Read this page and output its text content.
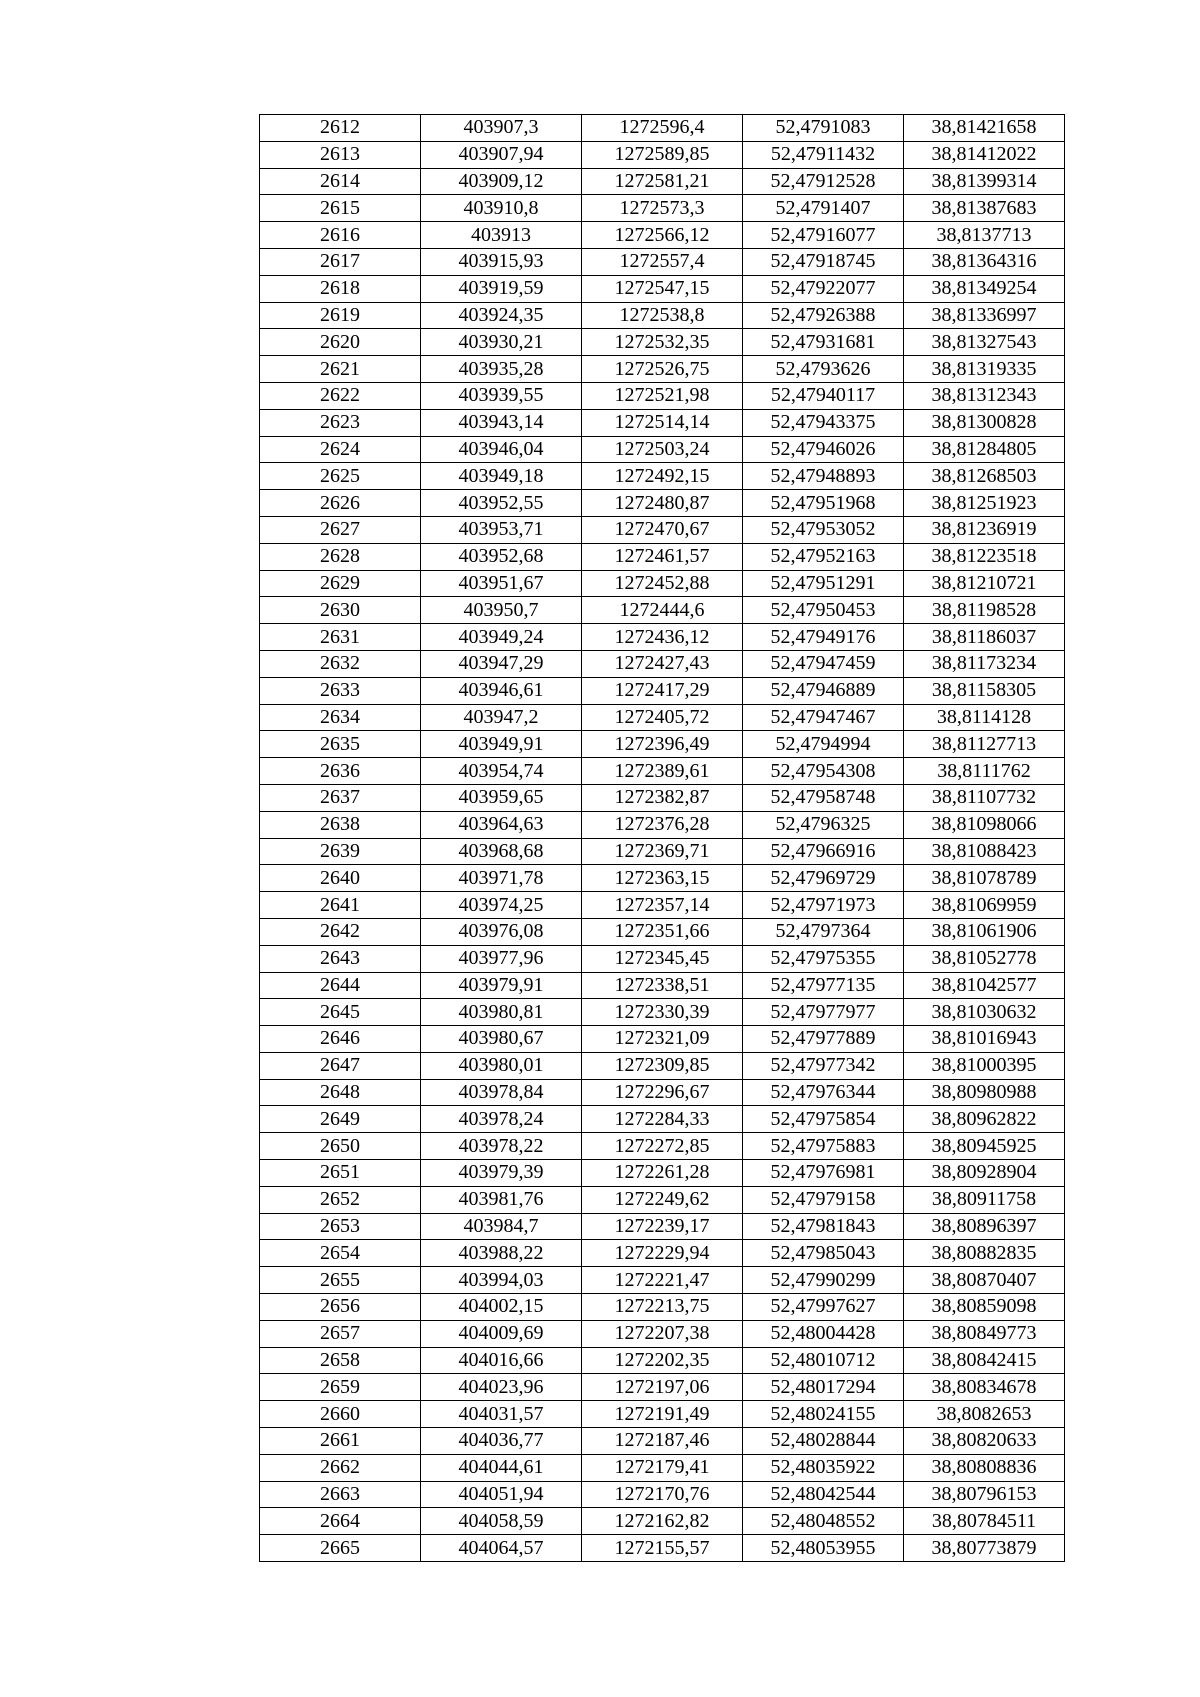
2612	403907,3	1272596,4	52,4791083	38,81421658
2613	403907,94	1272589,85	52,47911432	38,81412022
2614	403909,12	1272581,21	52,47912528	38,81399314
2615	403910,8	1272573,3	52,4791407	38,81387683
2616	403913	1272566,12	52,47916077	38,8137713
2617	403915,93	1272557,4	52,47918745	38,81364316
2618	403919,59	1272547,15	52,47922077	38,81349254
2619	403924,35	1272538,8	52,47926388	38,81336997
2620	403930,21	1272532,35	52,47931681	38,81327543
2621	403935,28	1272526,75	52,4793626	38,81319335
2622	403939,55	1272521,98	52,47940117	38,81312343
2623	403943,14	1272514,14	52,47943375	38,81300828
2624	403946,04	1272503,24	52,47946026	38,81284805
2625	403949,18	1272492,15	52,47948893	38,81268503
2626	403952,55	1272480,87	52,47951968	38,81251923
2627	403953,71	1272470,67	52,47953052	38,81236919
2628	403952,68	1272461,57	52,47952163	38,81223518
2629	403951,67	1272452,88	52,47951291	38,81210721
2630	403950,7	1272444,6	52,47950453	38,81198528
2631	403949,24	1272436,12	52,47949176	38,81186037
2632	403947,29	1272427,43	52,47947459	38,81173234
2633	403946,61	1272417,29	52,47946889	38,81158305
2634	403947,2	1272405,72	52,47947467	38,8114128
2635	403949,91	1272396,49	52,4794994	38,81127713
2636	403954,74	1272389,61	52,47954308	38,8111762
2637	403959,65	1272382,87	52,47958748	38,81107732
2638	403964,63	1272376,28	52,4796325	38,81098066
2639	403968,68	1272369,71	52,47966916	38,81088423
2640	403971,78	1272363,15	52,47969729	38,81078789
2641	403974,25	1272357,14	52,47971973	38,81069959
2642	403976,08	1272351,66	52,4797364	38,81061906
2643	403977,96	1272345,45	52,47975355	38,81052778
2644	403979,91	1272338,51	52,47977135	38,81042577
2645	403980,81	1272330,39	52,47977977	38,81030632
2646	403980,67	1272321,09	52,47977889	38,81016943
2647	403980,01	1272309,85	52,47977342	38,81000395
2648	403978,84	1272296,67	52,47976344	38,80980988
2649	403978,24	1272284,33	52,47975854	38,80962822
2650	403978,22	1272272,85	52,47975883	38,80945925
2651	403979,39	1272261,28	52,47976981	38,80928904
2652	403981,76	1272249,62	52,47979158	38,80911758
2653	403984,7	1272239,17	52,47981843	38,80896397
2654	403988,22	1272229,94	52,47985043	38,80882835
2655	403994,03	1272221,47	52,47990299	38,80870407
2656	404002,15	1272213,75	52,47997627	38,80859098
2657	404009,69	1272207,38	52,48004428	38,80849773
2658	404016,66	1272202,35	52,48010712	38,80842415
2659	404023,96	1272197,06	52,48017294	38,80834678
2660	404031,57	1272191,49	52,48024155	38,8082653
2661	404036,77	1272187,46	52,48028844	38,80820633
2662	404044,61	1272179,41	52,48035922	38,80808836
2663	404051,94	1272170,76	52,48042544	38,80796153
2664	404058,59	1272162,82	52,48048552	38,80784511
2665	404064,57	1272155,57	52,48053955	38,80773879
